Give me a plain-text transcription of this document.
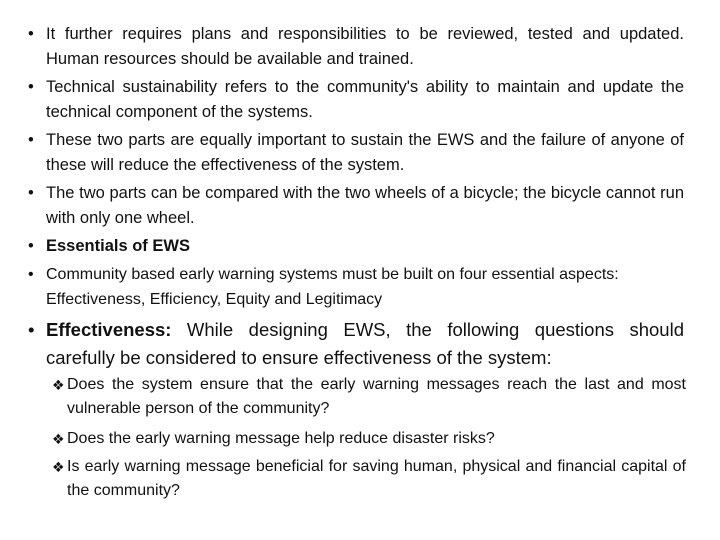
• It further requires plans and responsibilities to be reviewed, tested and updated. Human resources should be available and trained.
• Technical sustainability refers to the community's ability to maintain and update the technical component of the systems.
• These two parts are equally important to sustain the EWS and the failure of anyone of these will reduce the effectiveness of the system.
• The two parts can be compared with the two wheels of a bicycle; the bicycle cannot run with only one wheel.
• Essentials of EWS
• Community based early warning systems must be built on four essential aspects: Effectiveness, Efficiency, Equity and Legitimacy
• Effectiveness: While designing EWS, the following questions should carefully be considered to ensure effectiveness of the system:
❖ Does the system ensure that the early warning messages reach the last and most vulnerable person of the community?
❖ Does the early warning message help reduce disaster risks?
❖ Is early warning message beneficial for saving human, physical and financial capital of the community?
